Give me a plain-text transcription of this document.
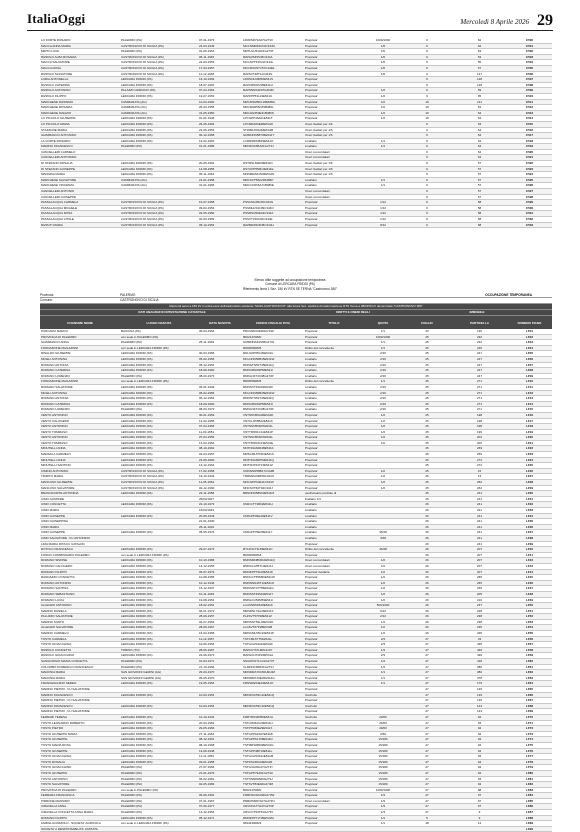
ItaliaOggi	Mercoledì 8 Aprile 2026 29
LO FORTE ROSARIO	PALERMO (PA)	07-01-1973	LFRRSR73A07G273V	Proprieta'	1000/1000	9	62	C500
MACCA ANNA MARIA	CASTRONOVO DI SICILIA (PA)	23-03-1949	MCCNMR49C63C344O	Proprieta'	1/6	9	62	C501
MIRTO LUIGI	PALERMO (PA)	01-06-1951	MRTLGU51H01G273T	Proprieta'	1/6	9	63	C502
RIZZOLO ALBA ROSARIA	CASTRONOVO DI SICILIA (PA)	05-11-1945	RZZLRS45S45C344A	Proprieta'	1/6	9	63	C503
MACCA SALVATORE	CASTRONOVO DI SICILIA (PA)	22-03-1953	MCCSVT53C22C344L	Proprieta'	1/6	9	56	C504
MACCA ROSA	CASTRONOVO DI SICILIA (PA)	17-03-1957	MCCRSO57C57C344E	Proprieta'	1/6	9	57	C505
RIZZOLO SALVATORE	CASTRONOVO DI SICILIA (PA)	11-12-1948	RZZSVT48T11C344N	Proprieta'	1/6	9	127	C506
LORIA ANTONELLA	LERCARA FRIDDI (PA)	16-10-1969	LRONNL69R56E541S	Proprieta'		9	128	C507
RIZZOLO CATERINA	LERCARA FRIDDI (PA)	18-07-1962	RZZCRN62L58E541H	Proprieta'		9	128	C508
RIZZOLO ANTONINO	PALAZZO ADRIANO (PA)	07-04-1964	RZZNNN64D07G263R	Proprieta'	1/2	9	59	C509
RIZZOLO FILIPPO	LERCARA FRIDDI (PA)	19-07-1953	RZZFPP53L19E541U	Proprieta'	1/2	9	95	C510
MARCHESE MASSIMO	CAMMARATA (AG)	10-03-1960	MRCMSM60C10B486G	Proprieta'	1/2	19	211	C511
MARCHESE ROSARIA	CAMMARATA (AG)	25-03-1955	MRCRSR55C65B486L	Proprieta'	1/2	19	64	C512
MARCHESE IGNAZIO	CAMMARATA (AG)	31-05-1950	MRCGNZ50E31B486S	Proprieta'	1/2	19	64	C513
LO PICCOLO GIUSEPPE	LERCARA FRIDDI (PA)	01-01-1946	LPCGPP46A01E541T	Proprieta'	1/2	19	64	C514
LO PICCOLO MARIA	LERCARA FRIDDI (PA)	26-05-1963	LPCMRA63E66E541K	Oneri livellari per 1/6		9	64	C515
STAZZONE MARIA	LERCARA FRIDDI (PA)	24-06-1953	STZMRA53H64E541B	Oneri livellari per 1/6		9	64	C516
GIAMMANCO ANTONINO	LERCARA FRIDDI (PA)	06-12-1958	GMMNNN58T06E541Y	Oneri livellari per 1/6		9	64	C517
LA CORTE ROSARIO	LERCARA FRIDDI (PA)	19-02-1963	LCRRSR63B19E541O	Livellario	1/1	9	64	C518
MARINO FRANCESCO	PALERMO (PA)	01-01-1986	MRNFNC86A01G273J	Livellario	1/1	9	64	C519
CANCELLERI CARMELO				Oneri concordatari		9	64	C520
CANCELLERI ANTONINO				Oneri concordatari		9	64	C521
DI STEFANO ROSALIA	LERCARA FRIDDI (PA)	20-05-1962	DSTRSL62E60E541D	Oneri livellari per 1/6		9	57	C522
DI STEFANO GIUSEPPE	LERCARA FRIDDI (PA)	14-08-1955	DSTGPP55M14E541E	Oneri livellari per 1/6		9	57	C523
MANNINA MARIA	LERCARA FRIDDI (PA)	05-11-1964	MNNMRA64S45E541N	Oneri livellari per 1/6		9	57	C524
MARCHESE SALVATORE	CAMMARATA (AG)	21-01-1958	MRCSVT58A21B486P	Livellario	1/1	9	57	C525
MARCHESE VINCENZA	CAMMARATA (AG)	31-01-1966	MRCVCN66A71B486E	Livellario	1/1	9	57	C526
CANCELLERI ANTONIO				Oneri concordatari		9	57	C527
CANCELLERI GIUSEPPE				Oneri concordatari		9	57	C528
PASSALACQUA CARMELA	CASTRONOVO DI SICILIA (PA)	16-07-1968	PSSCML68L56C344G	Proprieta'	1/12	9	58	C529
PASSALACQUA MICHELE	CASTRONOVO DI SICILIA (PA)	09-03-1954	PSSMHL54C09C344O	Proprieta'	1/12	9	58	C530
PASSALACQUA ROSA	CASTRONOVO DI SICILIA (PA)	03-05-1950	PSSRSO50E43C344A	Proprieta'	1/12	9	58	C531
PASSALACQUA VITALE	CASTRONOVO DI SICILIA (PA)	02-03-1959	PSSVTL59C02C344E	Proprieta'	1/12	9	58	C532
RIZZUTI MARIA	CASTRONOVO DI SICILIA (PA)	05-10-1952	RZZMRA52R45C344H	Proprieta'	8/12	9	58	C533
Elenco ditte soggette ad occupazione temporanea
Comune di LERCARA FRIDDI (PA)
Riferimento linea 1 Sez. 150 kV RTN SE TERNA "Castronovo 380"
Provincia:	PALERMO	OCCUPAZIONE TEMPORANEA
Comune:	CASTRONOVO DI SICILIA
Raccordi aerei a 150 kV in entra-esce dell'elettrodotto esistente "MAIN-CASTRONOVO" alla futura Sez. elettrica di trasformazione RTN Terna a 380/150 kV denominata "CASTRONOVO 380"
DATI ANAGRAFICI INTESTAZIONE CATASTALE	DIRITTI E ONERI REALI	IMMOBILE
COGNOME NOME	LUOGO NASCITA	DATA NASCITA	CODICE FISCALE/ P.IVA	TITOLO	QUOTA	FOGLIO	PARTICELLA	NUMERO PIANO
PURCARO MARCO	BAUCINA (PA)	06-04-1964	PRCMRC64D06A719K	Proprieta'	1/1	23	130	LF01
PROVINCIA DI PALERMO	con sede in PALERMO (PA)		80021470820	Proprieta'	1000/1000	25	232	LF02
GIAMMANCO ANNA	PALERMO (PA)	25-11-1949	GMMNNA49S65G273J	Proprieta'	1/1	25	232	LF03
FONDAZIONE MAGAZINNI	con sede in LERCARA FRIDDI (PA)		80000590825	Diritto del concedente	1/1	25	245	LF04
RINALDO GIUSEPPE	LERCARA FRIDDI (PA)	30-03-1965	RNLGPP65C30E541U	Livellario	2/16	25	247	LF05
MICELI ANTONINA	LERCARA FRIDDI (PA)	05-02-1956	MCLNNN56B45E541W	Livellario	2/16	25	247	LF06
ROMANO ANTONIA	LERCARA FRIDDI (PA)	05-12-1952	RMNNTN52T45E541Q	Livellario	2/16	25	247	LF07
ROMANO CATERINA	LERCARA FRIDDI (PA)	18-09-1960	RMNCRN60P58E541I	Livellario	2/16	25	247	LF08
ROMANO LORENZO	PALERMO (PA)	08-03-1973	RMNLNZ73C08G273P	Livellario	2/16	25	247	LF09
FONDAZIONE MAGAZINNI	con sede in LERCARA FRIDDI (PA)		80000590825	Diritto del concedente	1/1	25	271	LF10
ROMANO SALVATORE	LERCARA FRIDDI (PA)	02-01-1949	RMNSVT49A02E541F	Livellario	2/16	25	271	LF11
MICELI ANTONINA	LERCARA FRIDDI (PA)	05-02-1956	MCLNNN56B45E541W	Livellario	2/16	25	271	LF12
ROMANO ANTONIA	LERCARA FRIDDI (PA)	05-12-1952	RMNNTN52T45E541Q	Livellario	2/16	25	271	LF13
ROMANO CATERINA	LERCARA FRIDDI (PA)	18-09-1960	RMNCRN60P58E541I	Livellario	2/16	25	271	LF14
ROMANO LORENZO	PALERMO (PA)	08-03-1973	RMNLNZ73C08G273P	Livellario	2/16	25	271	LF15
VENTO ANTONINO	LERCARA FRIDDI (PA)	30-01-1959	VNTNNN59A30E541D	Proprieta'	1/2	25	198	LF16
VENTO CALOGERO	LERCARA FRIDDI (PA)	12-02-1955	VNTCLG55B12E541K	Proprieta'	1/2	25	198	LF17
VENTO ANTONINO	LERCARA FRIDDI (PA)	07-04-1956	VNTNNN56D07E541L	Proprieta'	1/2	25	198	LF18
VENTO TOMMASO	LERCARA FRIDDI (PA)	11-03-1951	VNTTMS51C11E541P	Proprieta'	1/2	25	199	LF19
VENTO ANTONINO	LERCARA FRIDDI (PA)	07-04-1956	VNTNNN56D07E541L	Proprieta'	1/2	25	202	LF20
VENTO TOMMASO	LERCARA FRIDDI (PA)	13-03-1954	VNTTMS54C13E541E	Proprieta'	1/2	25	202	LF21
MINUTELLI ANNA	LERCARA FRIDDI (PA)	08-10-1962	MNTNNA62R48E541K	Proprieta'		25	269	LF22
MARSALA CARMELO	LERCARA FRIDDI (PA)	03-04-1957	MRSCML57D03E541S	Proprieta'		25	269	LF23
MINUTELLI ANNA	LERCARA FRIDDI (PA)	23-09-1960	MNTNNA60P63E541Q	Proprieta'		25	272	LF24
MINUTELLI SANTINO	LERCARA FRIDDI (PA)	13-12-1964	MNTSNT64T13E541Z	Proprieta'		25	272	LF25
CIMINO ANTONINO	CASTRONOVO DI SICILIA (PA)	17-02-1958	CMNNNN58B17C344B	Proprieta'	1/2	25	15	LF26
TIRRITO MARIA	CASTRONOVO DI SICILIA (PA)	19-10-1943	TRRMRA43R59C344U	Proprieta'	1/2	25	13	LF27
MANCUSO GIUSEPPE	CASTRONOVO DI SICILIA (PA)	11-05-1964	MNCGPP64E11C344X	Proprieta'	1/2	25	262	LF28
MANCUSO SALVATORE	CASTRONOVO DI SICILIA (PA)	02-12-1960	MNCSVT60T02C344J	Proprieta'	1/2	25	262	LF29
BRANCIFORTE ANTONINA	LERCARA FRIDDI (PA)	23-11-1958	BRNNNN58S63E541M	usufruttuario parziale di		25	241	LF30
CIMO GASPARE		25/04/1927		livellario 1/4		25	241	LF31
CIMO CONCETTA	LERCARA FRIDDI (PA)	22-10-1973	CMICCT73R62E541H	Livellario		26	241	LF32
CIMO MARIA		16/03/1943		Livellario		26	241	LF33
CIMO GIUSEPPE	LERCARA FRIDDI (PA)	20-06-1949	CMIGPP49H20E541V	Livellario		26	241	LF34
CIMO GIUSEPPINA		21-01-1930		Livellario		26	241	LF35
CIMO MARIA		26-11-1934		Livellario		26	241	LF36
CIMO GIUSEPPE	LERCARA FRIDDI (PA)	05-05-1976	CMIGPP76E05E541Y	Livellario	36/48	26	241	LF37
CIMO SALVATORE ; FU ANTONINO				Livellario	3/48	26	241	LF38
LIMA MARIA RITA;FU CATALDO				Proprieta'		26	241	LF39
ROTOLO FRANCESCA	LERCARA FRIDDI (PA)	29-07-1973	RTLFNC73L69E541O	Diritto del concedente	36/48	26	207	LF40
FONDO COMMISSARIO PALERMO	con sede in LERCARA FRIDDI (PA)		80000090818	Proprieta'		26	207	LF41
ROMANO SIMONE	LERCARA FRIDDI (PA)	10-10-1986	RMNSMN86R10E541Q	Oneri concordatari	1/2	26	207	LF42
ROMANO CALOGERO	LERCARA FRIDDI (PA)	14-12-1955	RMNCLG55T14E541J	Oneri concordatari	1/2	26	207	LF43
ROMANO FILIPPO	LERCARA FRIDDI (PA)	06-07-1979	RMNFPP79L06E541K	Proprieta' livellaria	1/2	26	207	LF44
RANDAZZO CONCETTA	LERCARA FRIDDI (PA)	10-08-1955	RNDCCT55M50E541W	Proprieta'	1/2	26	265	LF45
ROMANO ANTONINO	LERCARA FRIDDI (PA)	10-12-1946	RMNNNN46T10E541O	Proprieta'	1/2	26	265	LF46
ROMANO SANTINA	LERCARA FRIDDI (PA)	15-12-1947	RMNSNT47T55E541G	Proprieta'	1/2	26	269	LF47
ROMANO SEBASTIANO	LERCARA FRIDDI (PA)	10-11-1949	RMNSST49S10E541Y	Proprieta'	1/2	26	205	LF48
ROMANO LUCIA	LERCARA FRIDDI (PA)	19-08-1952	RMNLCU52M59E541I	Proprieta'	1/2	26	210	LF49
ALLEGRO ANTONINO	LERCARA FRIDDI (PA)	18-02-1951	LLGNNN51B18E541K	Proprieta'	500/1000	26	237	LF50
MARINO DANIELA	LERCARA FRIDDI (PA)	06-01-1972	MRNDNL72A46E541X	Proprieta'	6/12	26	238	LF51
PALUZZO SALVATORE	LERCARA FRIDDI (PA)	28-09-1957	PLZSVT57P28E541Z	Proprieta'	2/12	26	238	LF52
MARINO SANTO	LERCARA FRIDDI (PA)	04-07-1953	MRNSNT53L04E541D	Proprieta'	1/2	26	238	LF53
ALLEGRO SALVATORE	LERCARA FRIDDI (PA)	28-09-1967	LLGSVT67P28E541B	Proprieta'	1/2	26	236	LF54
MARINO CARMELO	LERCARA FRIDDI (PA)	16-03-1955	MRNCML55C16E541P	Proprieta'	1/2	26	235	LF55
TOSTO CARMELA	LERCARA FRIDDI (PA)	11-12-1957	TSTCML57T51E541L	Proprieta'	2/3	27	33	LF56
TOSTO GIOACCHINO	LERCARA FRIDDI (PA)	10-06-1954	TSTGCH54H10E541F	Proprieta'	2/3	27	435	LF57
RIZZOLO CONCETTA	TORINO (TO)	28-06-1967	RZZCCT67H68L219Y	Proprieta'	1/3	27	436	LF58
RIZZOLO GIOACCHINO	LERCARA FRIDDI (PA)	22-09-1973	RZZGCH73P22E541A	Proprieta'	2/3	27	436	LF59
SANGIORGIO MARIA CONCETTA	PALERMO (PA)	01-03-1971	SNGMCN71C41G273T	Proprieta'	1/4	27	418	LF60
COLOMBO DOMENICO FRANCESCO	PALERMO (PA)	21-10-1966	CLMDNC66R21G273J	Proprieta'	1/4	27	380	LF61
MADONIA MARIA	SAN GIOVANNI GEMINI (AG)	20-03-1970	MDNMRA70C60H914M	Proprieta'	1/1	27	380	LF62
MADONIA MARIA	SAN GIOVANNI GEMINI (AG)	05-05-1970	MDNMRA70E45H914G	Proprieta'	1/1	27	378	LF63
FRANCESCHINO SEDEO	LERCARA FRIDDI (PA)	19-05-1954	FRNSDE54E19E541O	Proprieta'	1/1	27	179	LF64
MARINO PIETRO ; FU SALVATORE				Proprieta'		27	139	LF65
MARINO FRANCESCO	LERCARA FRIDDI (PA)	10-03-1953	MRNFNC53C10E541Q	Usufrutto		27	139	LF66
MARINO PIETRO ; FU SALVATORE				Proprieta'		27	139	LF67
MARINO FRANCESCO	LERCARA FRIDDI (PA)	10-03-1953	MRNFNC53C10E541Q	Usufrutto		27	143	LF68
MARINO PIETRO ; FU SALVATORE				Proprieta'		27	143	LF69
FERRARI TERESA	LERCARA FRIDDI (PA)	10-10-1934	FRRTRS34R50E541A	Usufrutto	29/60	27	94	LF70
TOSTO LEONARDO ROBERTO	LERCARA FRIDDI (PA)	20-03-1962	TSTLRD62C20E541H	Usufrutto	29/60	27	94	LF71
TOSTO PIETRO	LERCARA FRIDDI (PA)	29-05-1966	TSTPTR66E29E541X	Proprieta'	29/60	27	94	LF72
TOSTO GIUSEPPA MARIA	LERCARA FRIDDI (PA)	27-11-1964	TSTGPP64S67E541B	Proprieta'	2/60	27	94	LF73
TOSTO GIUSEPPE	LERCARA FRIDDI (PA)	08-12-1961	TSTGPP61T08E541D	Proprieta'	15/180	27	94	LF74
TOSTO MARIA ROSA	LERCARA FRIDDI (PA)	08-10-1968	TSTMRS68R48E541G	Proprieta'	15/180	27	94	LF75
TOSTO GIUSEPPE	LERCARA FRIDDI (PA)	13-09-1948	TSTGPP48P13E541L	Proprieta'	15/180	27	94	LF76
TOSTO GIOACCHINO	LERCARA FRIDDI (PA)	11-11-1953	TSTGCH53S11E541M	Proprieta'	15/180	27	94	LF77
TOSTO ROSALIA	LERCARA FRIDDI (PA)	03-01-1958	TSTRSL58A43E541R	Proprieta'	15/180	27	94	LF78
TOSTO GIOACCHINO	PALERMO (PA)	27-07-1966	TSTGCH66L27G273Y	Proprieta'	15/180	27	94	LF79
TOSTO GIUSEPPA	PALERMO (PA)	21-01-1979	TSTGPP79A61G273C	Proprieta'	15/180	27	94	LF80
TOSTO ANTONINO	PALERMO (PA)	06-02-1981	TSTNNN81B06G273J	Proprieta'	15/180	27	94	LF81
TOSTO SALVATORE	PALERMO (PA)	02-05-1983	TSTSVT83E02G273M	Proprieta'	15/180	27	94	LF82
PROVINCIA DI PALERMO	con sede in PALERMO (PA)		80021470820	Proprieta'	1000/1000	27	98	LF83
FERRARA FRANCESCA	PALERMO (PA)	06-06-1962	FRRFNC62H46G273W	Proprieta'	1/3	27	97	LF84
PIRRONE MASSIMO	PALERMO (PA)	07-01-1967	PRRMSM67A07G273N	Oneri concordatari	1/3	27	97	LF85
CIRAVELLA ANNA	PALERMO (PA)	07-06-1977	CRVNNA77H47G273P	Proprieta'	1/3	27	97	LF86
CIRAVELLA CONCETTA ANNA MARIA	PALERMO (PA)	14-12-1953	CRVCCT53T54G273V	Proprieta'	1/3	27	9	LF87
ROMANO FILIPPO	LERCARA FRIDDI (PA)	05-12-1971	RMNFPP71T05E541M	Proprieta'	1/1	5	9	LF88
FAMIGLIA RIZZOLO - SOCIETA' AGRICOLA	con sede in LERCARA FRIDDI (PA)		06943400823	Proprieta'	1/1	18	14	LF89
SOCIETA' A RESPONSABILITA' LIMITATA								LF90
